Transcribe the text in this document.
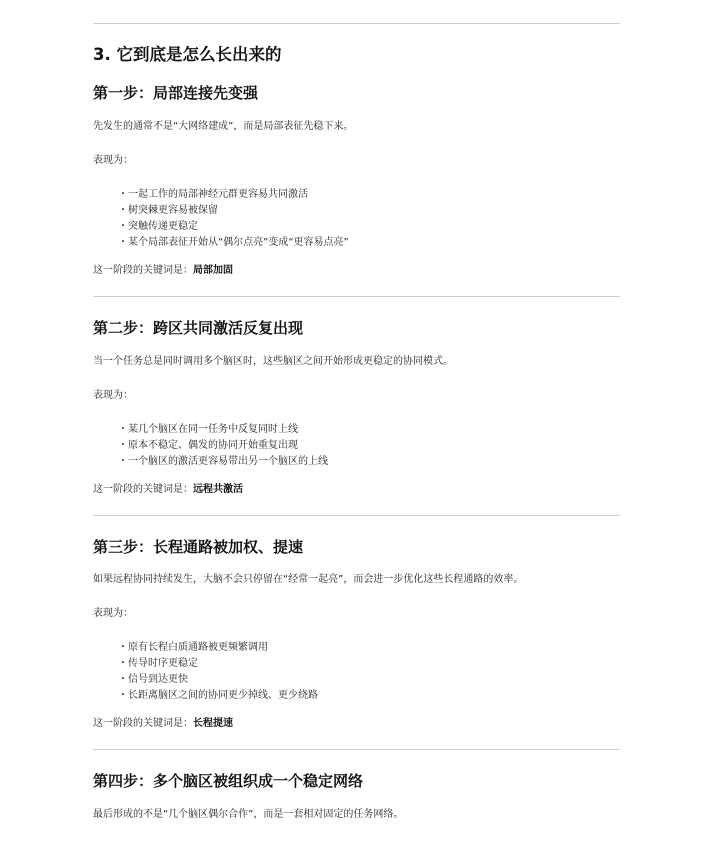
3. 它到底是怎么长出来的
第一步：局部连接先变强
先发生的通常不是“大网络建成”，而是局部表征先稳下来。
表现为：
・一起工作的局部神经元群更容易共同激活
・树突棘更容易被保留
・突触传递更稳定
・某个局部表征开始从“偶尔点亮”变成“更容易点亮”
这一阶段的关键词是：局部加固
第二步：跨区共同激活反复出现
当一个任务总是同时调用多个脑区时，这些脑区之间开始形成更稳定的协同模式。
表现为：
・某几个脑区在同一任务中反复同时上线
・原本不稳定、偶发的协同开始重复出现
・一个脑区的激活更容易带出另一个脑区的上线
这一阶段的关键词是：远程共激活
第三步：长程通路被加权、提速
如果远程协同持续发生，大脑不会只停留在“经常一起亮”，而会进一步优化这些长程通路的效率。
表现为：
・原有长程白质通路被更频繁调用
・传导时序更稳定
・信号到达更快
・长距离脑区之间的协同更少掉线、更少绕路
这一阶段的关键词是：长程提速
第四步：多个脑区被组织成一个稳定网络
最后形成的不是“几个脑区偶尔合作”，而是一套相对固定的任务网络。
